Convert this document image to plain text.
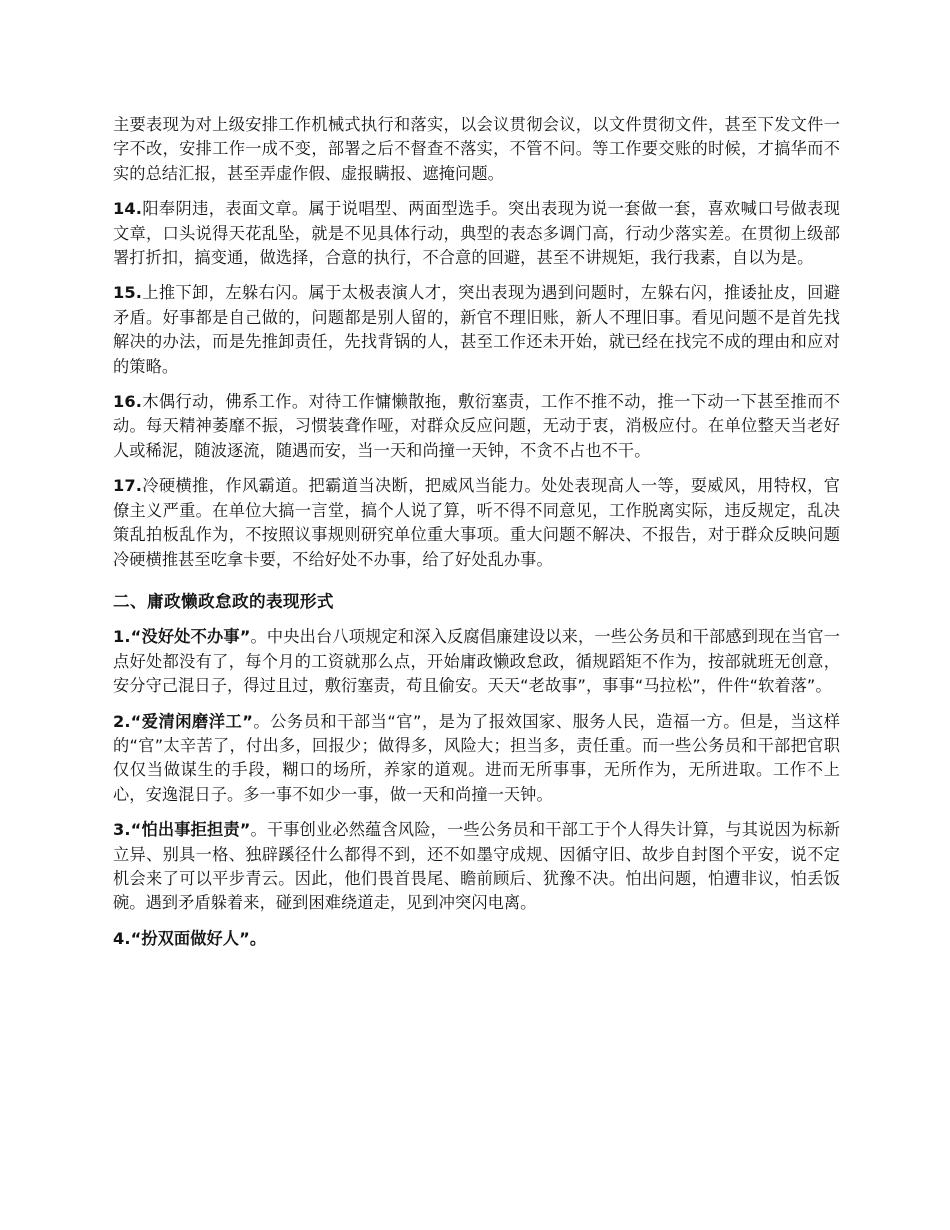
主要表现为对上级安排工作机械式执行和落实，以会议贯彻会议，以文件贯彻文件，甚至下发文件一字不改，安排工作一成不变，部署之后不督查不落实，不管不问。等工作要交账的时候，才搞华而不实的总结汇报，甚至弄虚作假、虚报瞒报、遮掩问题。

14.阳奉阴违，表面文章。属于说唱型、两面型选手。突出表现为说一套做一套，喜欢喊口号做表现文章，口头说得天花乱坠，就是不见具体行动，典型的表态多调门高，行动少落实差。在贯彻上级部署打折扣，搞变通，做选择，合意的执行，不合意的回避，甚至不讲规矩，我行我素，自以为是。

15.上推下卸，左躲右闪。属于太极表演人才，突出表现为遇到问题时，左躲右闪，推诿扯皮，回避矛盾。好事都是自己做的，问题都是别人留的，新官不理旧账，新人不理旧事。看见问题不是首先找解决的办法，而是先推卸责任，先找背锅的人，甚至工作还未开始，就已经在找完不成的理由和应对的策略。

16.木偶行动，佛系工作。对待工作慵懒散拖，敷衍塞责，工作不推不动，推一下动一下甚至推而不动。每天精神萎靡不振，习惯装聋作哑，对群众反应问题，无动于衷，消极应付。在单位整天当老好人或稀泥，随波逐流，随遇而安，当一天和尚撞一天钟，不贪不占也不干。

17.冷硬横推，作风霸道。把霸道当决断，把威风当能力。处处表现高人一等，耍威风，用特权，官僚主义严重。在单位大搞一言堂，搞个人说了算，听不得不同意见，工作脱离实际，违反规定，乱决策乱拍板乱作为，不按照议事规则研究单位重大事项。重大问题不解决、不报告，对于群众反映问题冷硬横推甚至吃拿卡要，不给好处不办事，给了好处乱办事。

二、庸政懒政怠政的表现形式

1.“没好处不办事”。中央出台八项规定和深入反腐倡廉建设以来，一些公务员和干部感到现在当官一点好处都没有了，每个月的工资就那么点，开始庸政懒政怠政，循规蹈矩不作为，按部就班无创意，安分守己混日子，得过且过，敷衍塞责，苟且偷安。天天“老故事”，事事“马拉松”，件件“软着落”。

2.“爱清闲磨洋工”。公务员和干部当“官”，是为了报效国家、服务人民，造福一方。但是，当这样的“官”太辛苦了，付出多，回报少；做得多，风险大；担当多，责任重。而一些公务员和干部把官职仅仅当做谋生的手段，糊口的场所，养家的道观。进而无所事事，无所作为，无所进取。工作不上心，安逸混日子。多一事不如少一事，做一天和尚撞一天钟。

3.“怕出事拒担责”。干事创业必然蕴含风险，一些公务员和干部工于个人得失计算，与其说因为标新立异、别具一格、独辟蹊径什么都得不到，还不如墨守成规、因循守旧、故步自封图个平安，说不定机会来了可以平步青云。因此，他们畏首畏尾、瞻前顾后、犹豫不决。怕出问题，怕遭非议，怕丢饭碗。遇到矛盾躲着来，碰到困难绕道走，见到冲突闪电离。

4.“扮双面做好人”。
